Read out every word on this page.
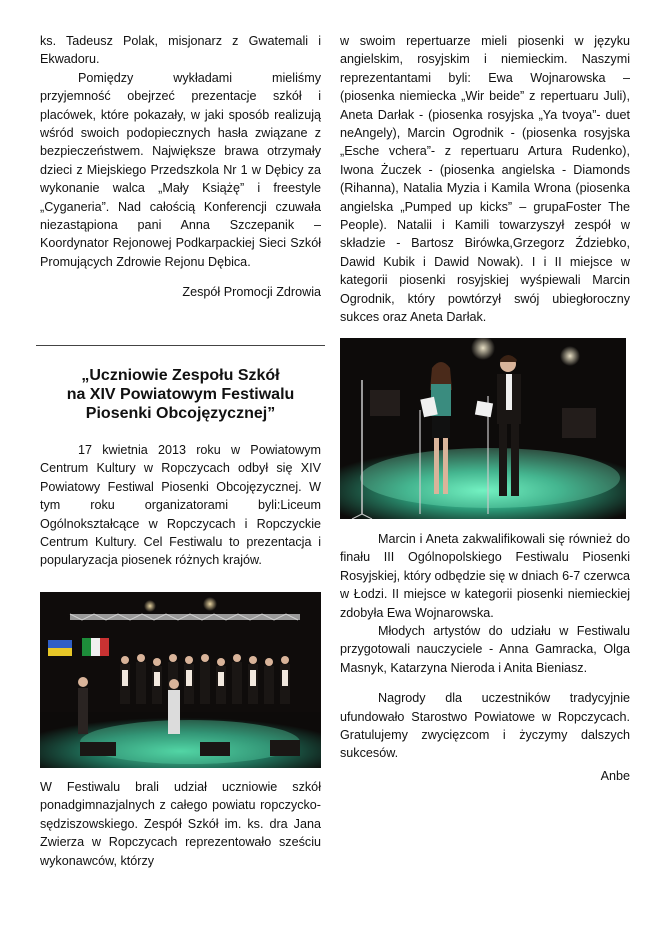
ks. Tadeusz Polak, misjonarz z Gwatemali i Ekwadoru.

Pomiędzy wykładami mieliśmy przyjemność obejrzeć prezentacje szkół i placówek, które pokazały, w jaki sposób realizują wśród swoich podopiecznych hasła związane z bezpieczeństwem. Największe brawa otrzymały dzieci z Miejskiego Przedszkola Nr 1 w Dębicy za wykonanie walca „Mały Książę” i freestyle „Cyganeria”. Nad całością Konferencji czuwała niezastąpiona pani Anna Szczepanik – Koordynator Rejonowej Podkarpackiej Sieci Szkół Promujących Zdrowie Rejonu Dębica.

Zespół Promocji Zdrowia

„Uczniowie Zespołu Szkół
na XIV Powiatowym Festiwalu
Piosenki Obcojęzycznej”

17 kwietnia 2013 roku w Powiatowym Centrum Kultury w Ropczycach odbył się XIV Powiatowy Festiwal Piosenki Obcojęzycznej. W tym roku organizatorami byli:Liceum Ogólnokształcące w Ropczycach i Ropczyckie Centrum Kultury. Cel Festiwalu to prezentacja i popularyzacja piosenek różnych krajów.

W Festiwalu brali udział uczniowie szkół ponadgimnazjalnych z całego powiatu ropczycko-sędziszowskiego. Zespół Szkół im. ks. dra Jana Zwierza w Ropczycach reprezentowało sześciu wykonawców, którzy

w swoim repertuarze mieli piosenki w języku angielskim, rosyjskim i niemieckim. Naszymi reprezentantami byli: Ewa Wojnarowska – (piosenka niemiecka „Wir beide” z repertuaru Juli), Aneta Darłak - (piosenka rosyjska „Ya tvoya”- duet neAngely), Marcin Ogrodnik - (piosenka rosyjska „Esche vchera”- z repertuaru Artura Rudenko), Iwona Żuczek - (piosenka angielska - Diamonds (Rihanna), Natalia Myzia i Kamila Wrona (piosenka angielska „Pumped up kicks” – grupaFoster The People). Natalii i Kamili towarzyszył zespół w składzie - Bartosz Birówka,Grzegorz Ździebko, Dawid Kubik i Dawid Nowak). I i II miejsce w kategorii piosenki rosyjskiej wyśpiewali Marcin Ogrodnik, który powtórzył swój ubiegłoroczny sukces oraz Aneta Darłak.

Marcin i Aneta zakwalifikowali się również do finału III Ogólnopolskiego Festiwalu Piosenki Rosyjskiej, który odbędzie się w dniach 6-7 czerwca w Łodzi. II miejsce w kategorii piosenki niemieckiej zdobyła Ewa Wojnarowska.

Młodych artystów do udziału w Festiwalu przygotowali nauczyciele - Anna Gamracka, Olga Masnyk, Katarzyna Nieroda i Anita Bieniasz.

Nagrody dla uczestników tradycyjnie ufundowało Starostwo Powiatowe w Ropczycach. Gratulujemy zwycięzcom i życzymy dalszych sukcesów.

Anbe
